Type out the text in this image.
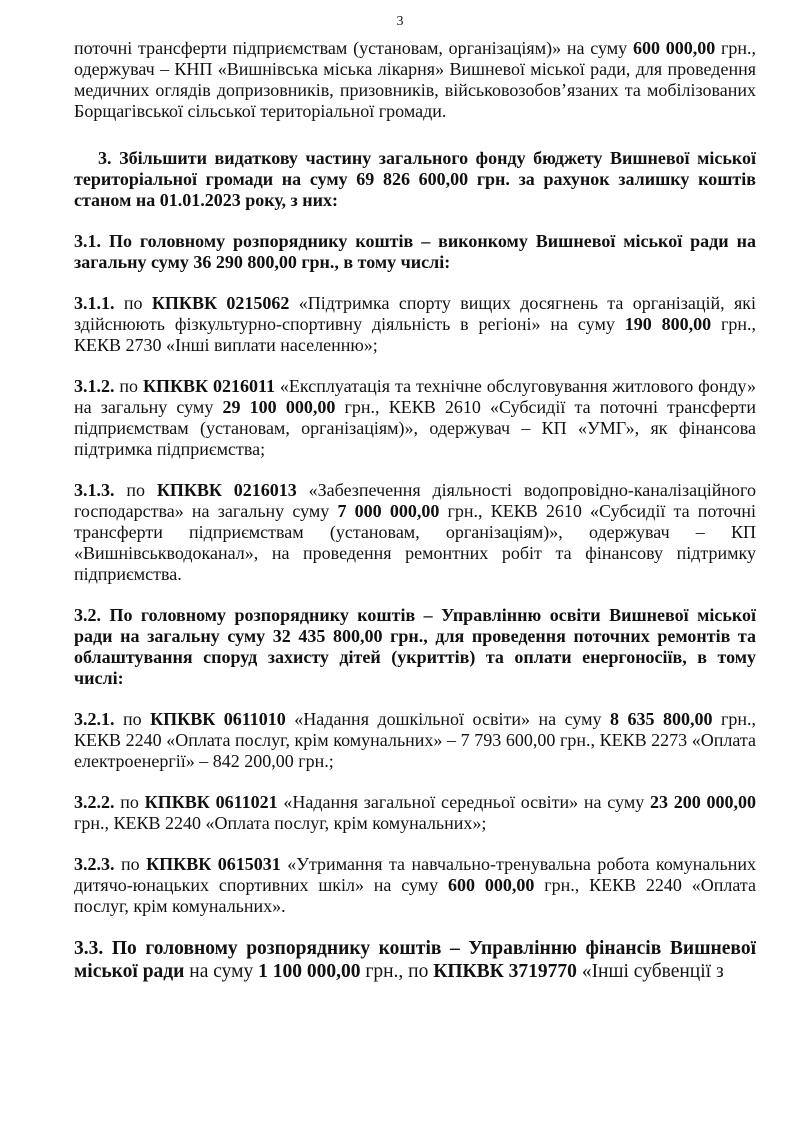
3

поточні трансферти підприємствам (установам, організаціям)» на суму 600 000,00 грн., одержувач – КНП «Вишнівська міська лікарня» Вишневої міської ради, для проведення медичних оглядів допризовників, призовників, військовозобов’язаних та мобілізованих Борщагівської сільської територіальної громади.

3. Збільшити видаткову частину загального фонду бюджету Вишневої міської територіальної громади на суму 69 826 600,00 грн. за рахунок залишку коштів станом на 01.01.2023 року, з них:

3.1. По головному розпоряднику коштів – виконкому Вишневої міської ради на загальну суму 36 290 800,00 грн., в тому числі:

3.1.1. по КПКВК 0215062 «Підтримка спорту вищих досягнень та організацій, які здійснюють фізкультурно-спортивну діяльність в регіоні» на суму 190 800,00 грн., КЕКВ 2730 «Інші виплати населенню»;

3.1.2. по КПКВК 0216011 «Експлуатація та технічне обслуговування житлового фонду» на загальну суму 29 100 000,00 грн., КЕКВ 2610 «Субсидії та поточні трансферти підприємствам (установам, організаціям)», одержувач – КП «УМГ», як фінансова підтримка підприємства;

3.1.3. по КПКВК 0216013 «Забезпечення діяльності водопровідно-каналізаційного господарства» на загальну суму 7 000 000,00 грн., КЕКВ 2610 «Субсидії та поточні трансферти підприємствам (установам, організаціям)», одержувач – КП «Вишнівськводоканал», на проведення ремонтних робіт та фінансову підтримку підприємства.

3.2. По головному розпоряднику коштів – Управлінню освіти Вишневої міської ради на загальну суму 32 435 800,00 грн., для проведення поточних ремонтів та облаштування споруд захисту дітей (укриттів) та оплати енергоносіїв, в тому числі:

3.2.1. по КПКВК 0611010 «Надання дошкільної освіти» на суму 8 635 800,00 грн., КЕКВ 2240 «Оплата послуг, крім комунальних» – 7 793 600,00 грн., КЕКВ 2273 «Оплата електроенергії» – 842 200,00 грн.;

3.2.2. по КПКВК 0611021 «Надання загальної середньої освіти» на суму 23 200 000,00 грн., КЕКВ 2240 «Оплата послуг, крім комунальних»;

3.2.3. по КПКВК 0615031 «Утримання та навчально-тренувальна робота комунальних дитячо-юнацьких спортивних шкіл» на суму 600 000,00 грн., КЕКВ 2240 «Оплата послуг, крім комунальних».

3.3. По головному розпоряднику коштів – Управлінню фінансів Вишневої міської ради на суму 1 100 000,00 грн., по КПКВК 3719770 «Інші субвенції з
